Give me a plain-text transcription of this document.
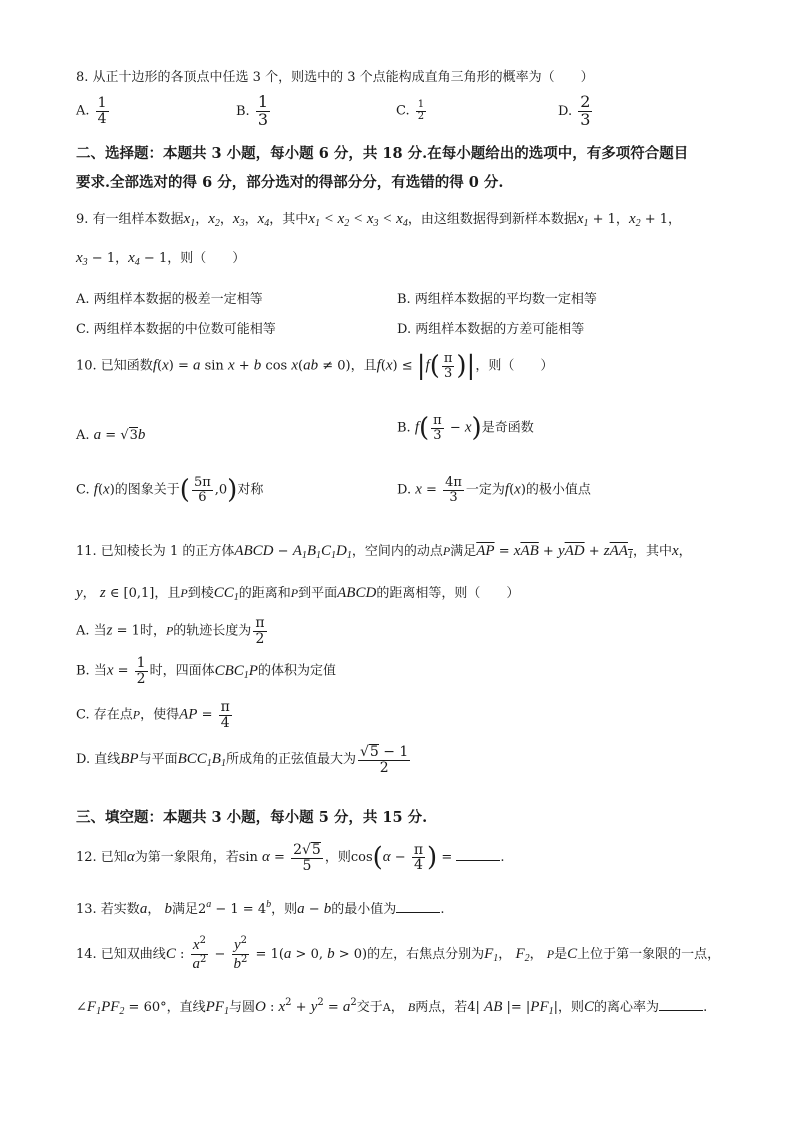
8. 从正十边形的各顶点中任选 3 个，则选中的 3 个点能构成直角三角形的概率为（　　）
A. $\frac{1}{4}$	B. $\frac{1}{3}$	C. $\frac{1}{2}$	D. $\frac{2}{3}$
二、选择题：本题共 3 小题，每小题 6 分，共 18 分.在每小题给出的选项中，有多项符合题目
要求.全部选对的得 6 分，部分选对的得部分分，有选错的得 0 分.
9. 有一组样本数据$x_1$，$x_2$，$x_3$，$x_4$，其中$x_1 < x_2 < x_3 < x_4$，由这组数据得到新样本数据$x_1 + 1$，$x_2 + 1$，
$x_3 - 1$，$x_4 - 1$，则（　　）
A. 两组样本数据的极差一定相等	B. 两组样本数据的平均数一定相等
C. 两组样本数据的中位数可能相等	D. 两组样本数据的方差可能相等
10. 已知函数f(x) = a sin x + b cos x(ab ≠ 0)，且$f(x) \le |f( \frac{\pi}{3}$ )|，则（　　）
A. a = √3b	B. $f( \frac{\pi}{3} - x)$是奇函数
C. f(x)的图象关于( $\frac{5\pi}{6} ,0$)对称	D. $x = \frac{4\pi}{3}$ 一定为f(x)的极小值点
11. 已知棱长为 1 的正方体ABCD − $A_1B_1C_1D_1$，空间内的动点P满足$\overline{AP} = x\overline{AB} + y\overline{AD} + zAA_1$，其中x，
y， z ∈ [0,1]，且P到棱$CC_1$的距离和P到平面ABCD的距离相等，则（　　）
A. 当z = 1时，P的轨迹长度为 $\frac{\pi}{2}$
B. 当$x = \frac{1}{2}$ 时，四面体$CBC_1P$的体积为定值
C. 存在点P，使得AP = $\frac{\pi}{4}$
D. 直线BP与平面$BCC_1B_1$所成角的正弦值最大为 $\frac{√5 - 1}{2}$
三、填空题：本题共 3 小题，每小题 5 分，共 15 分.
12. 已知α为第一象限角，若$\sin \alpha = \frac{2√5}{5}$ ，则$\cos(\alpha - \frac{\pi}{4}$ ) =	.
13. 若实数a， b满足$2^a - 1 = 4^b$，则a − b的最小值为	.
14. 已知双曲线C : $\frac{x^2}{a^2} - \frac{y^2}{b^2} = 1(a > 0$, b > 0)的左，右焦点分别为$F_1$， $F_2$， P是C上位于第一象限的一点，
$\angle F_1PF_2 = 60^\circ$，直线$PF_1$与圆O : $x^2 + y^2 = a^2$交于A， B两点，若4| AB |= $|PF_1|$，则C的离心率为	.
